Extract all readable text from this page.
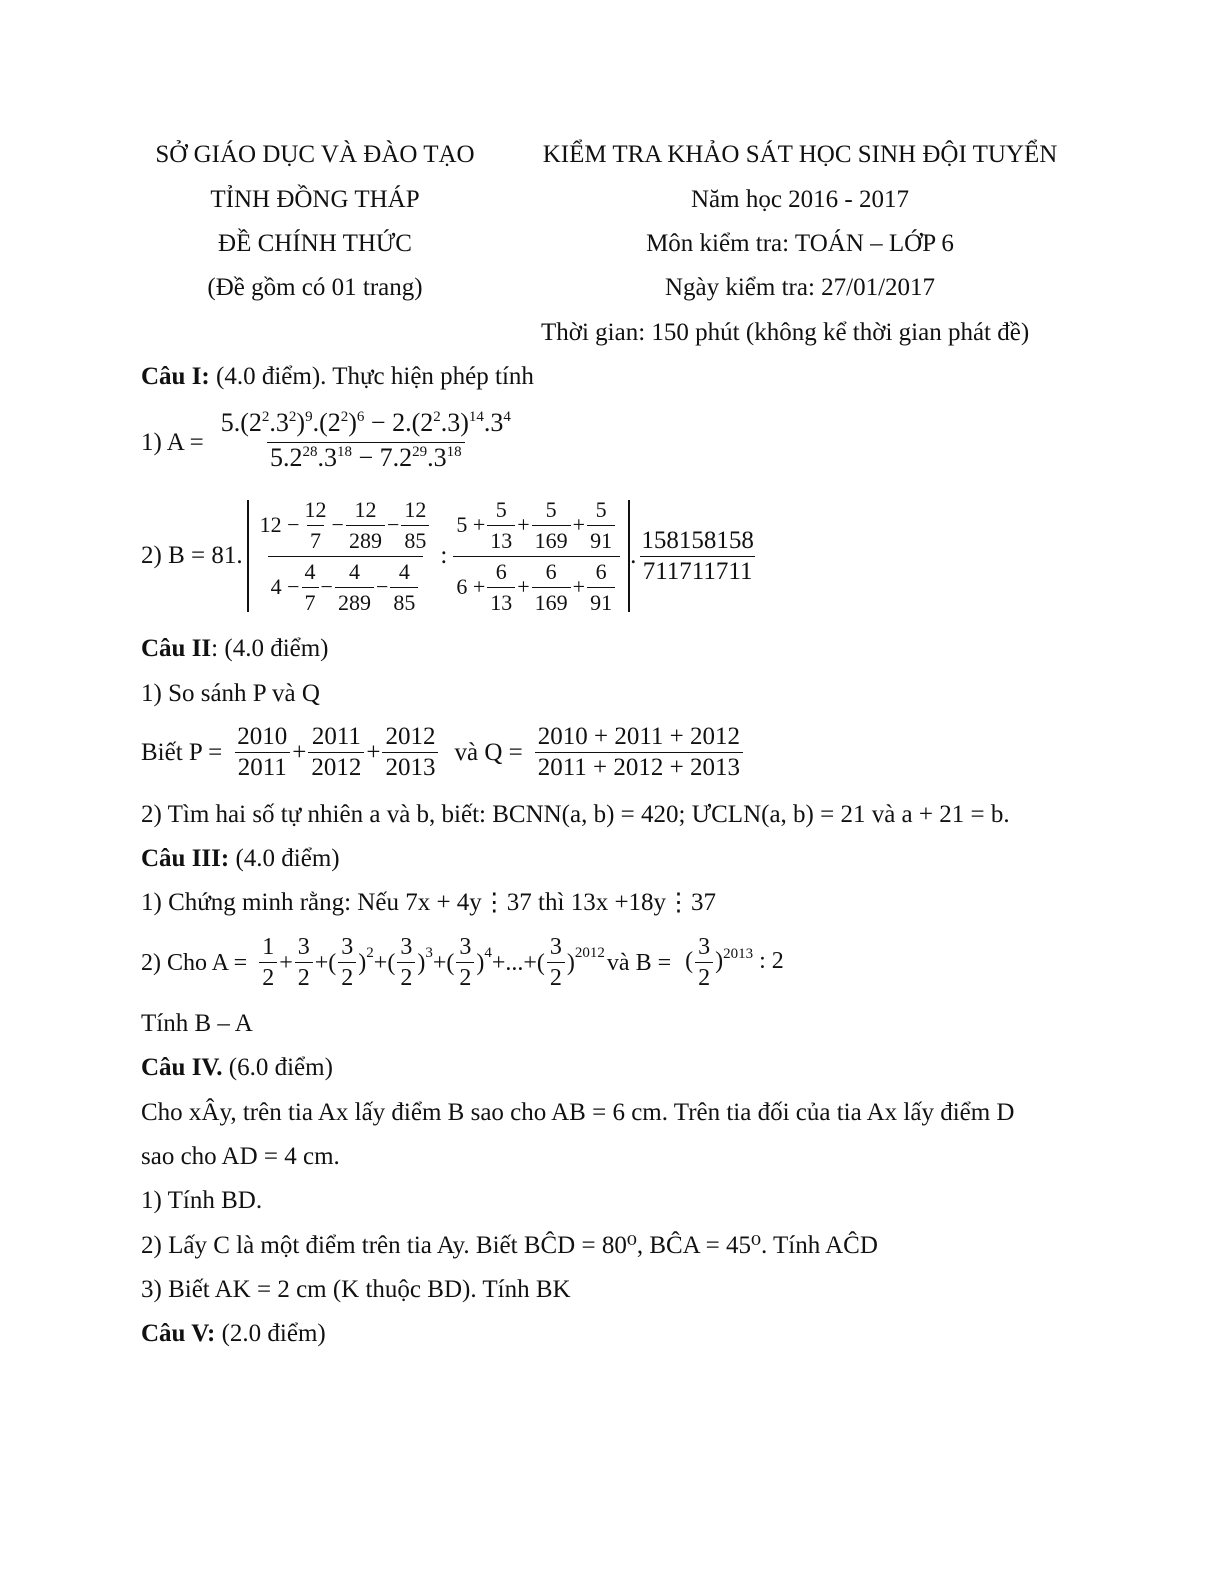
SỞ GIÁO DỤC VÀ ĐÀO TẠO
TỈNH ĐỒNG THÁP
ĐỀ CHÍNH THỨC
(Đề gồm có 01 trang)
KIỂM TRA KHẢO SÁT HỌC SINH ĐỘI TUYỂN
Năm học 2016 - 2017
Môn kiểm tra: TOÁN – LỚP 6
Ngày kiểm tra: 27/01/2017
Thời gian: 150 phút (không kể thời gian phát đề)
Câu I: (4.0 điểm). Thực hiện phép tính
1) $A = \frac{5.(2^2.3^2)^9.(2^2)^6 - 2.(2^2.3)^{14}.3^4}{5.2^{28}.3^{18} - 7.2^{29}.3^{18}}$
2) B = 81. $\frac{12 - \frac{12}{7} - \frac{12}{289} - \frac{12}{85}}{4 - \frac{4}{7} - \frac{4}{289} - \frac{4}{85}}$ : $\frac{5 + \frac{5}{13} + \frac{5}{169} + \frac{5}{91}}{6 + \frac{6}{13} + \frac{6}{169} + \frac{6}{91}}$ . $\frac{158158158}{711711711}$
Câu II: (4.0 điểm)
1) So sánh P và Q
Biết $P = \frac{2010}{2011} + \frac{2011}{2012} + \frac{2012}{2013}$ và $Q = \frac{2010 + 2011 + 2012}{2011 + 2012 + 2013}$
2) Tìm hai số tự nhiên a và b, biết: BCNN(a, b) = 420; ƯCLN(a, b) = 21 và a + 21 = b.
Câu III: (4.0 điểm)
1) Chứng minh rằng: Nếu 7x + 4y⋮37 thì 13x +18y⋮37
2) Cho $A = \frac{1}{2} + \frac{3}{2}$ +( $\frac{3}{2} )^2$ +( $\frac{3}{2} )^3$ +( $\frac{3}{2} )^4$ +...+( $\frac{3}{2} )^{2012}$ và B = ( $\frac{3}{2} )^{2013}$ : 2
Tính B – A
Câu IV. (6.0 điểm)
Cho xÂy, trên tia Ax lấy điểm B sao cho AB = 6 cm. Trên tia đối của tia Ax lấy điểm D
sao cho AD = 4 cm.
1) Tính BD.
2) Lấy C là một điểm trên tia Ay. Biết BĈD = 80⁰, BĈA = 45⁰. Tính AĈD
3) Biết AK = 2 cm (K thuộc BD). Tính BK
Câu V: (2.0 điểm)
